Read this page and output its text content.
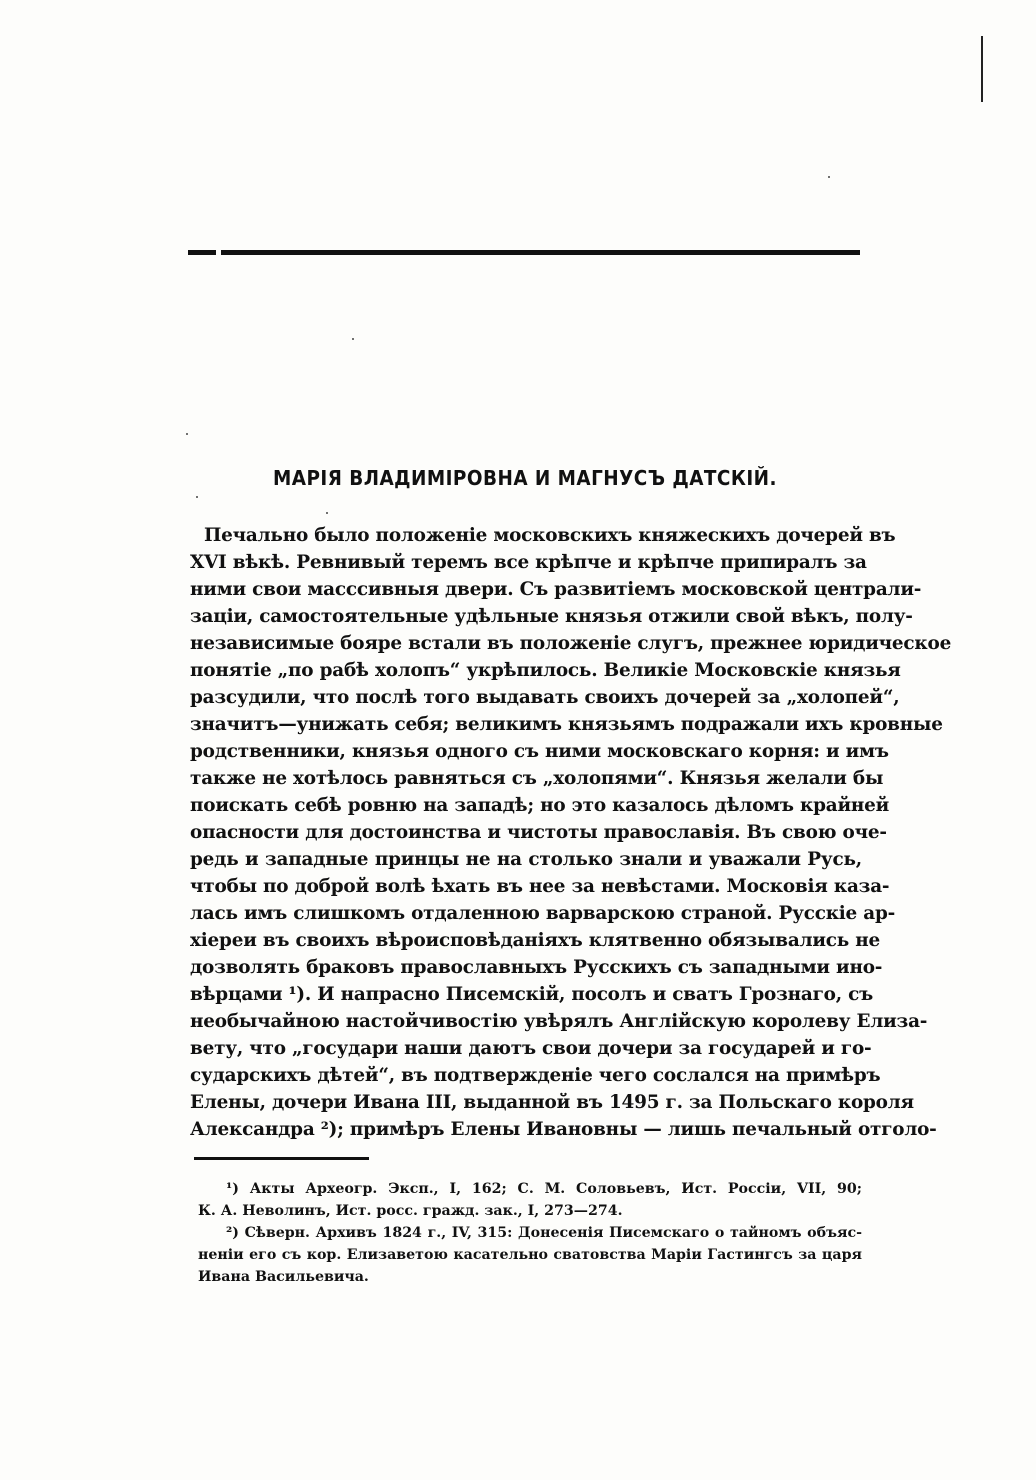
МАРІЯ ВЛАДИМІРОВНА И МАГНУСЪ ДАТСКІЙ.
Печально было положеніе московскихъ княжескихъ дочерей въ
XVI вѣкѣ. Ревнивый теремъ все крѣпче и крѣпче припиралъ за
ними свои масссивныя двери. Съ развитіемъ московской централи-
заціи, самостоятельные удѣльные князья отжили свой вѣкъ, полу-
независимые бояре встали въ положеніе слугъ, прежнее юридическое
понятіе „по рабѣ холопъ“ укрѣпилось. Великіе Московскіе князья
разсудили, что послѣ того выдавать своихъ дочерей за „холопей“,
значитъ—унижать себя; великимъ князьямъ подражали ихъ кровные
родственники, князья одного съ ними московскаго корня: и имъ
также не хотѣлось равняться съ „холопями“. Князья желали бы
поискать себѣ ровню на западѣ; но это казалось дѣломъ крайней
опасности для достоинства и чистоты православія. Въ свою оче-
редь и западные принцы не на столько знали и уважали Русь,
чтобы по доброй волѣ ѣхать въ нее за невѣстами. Московія каза-
лась имъ слишкомъ отдаленною варварскою страной. Русскіе ар-
хіереи въ своихъ вѣроисповѣданіяхъ клятвенно обязывались не
дозволять браковъ православныхъ Русскихъ съ западными ино-
вѣрцами ¹). И напрасно Писемскій, посолъ и сватъ Грознаго, съ
необычайною настойчивостію увѣрялъ Англійскую королеву Елиза-
вету, что „государи наши даютъ свои дочери за государей и го-
сударскихъ дѣтей“, въ подтвержденіе чего сослался на примѣръ
Елены, дочери Ивана III, выданной въ 1495 г. за Польскаго короля
Александра ²); примѣръ Елены Ивановны — лишь печальный отголо-
¹) Акты Археогр. Эксп., I, 162; С. М. Соловьевъ, Ист. Россіи, VII, 90;
К. А. Неволинъ, Ист. росс. гражд. зак., I, 273—274.
²) Сѣверн. Архивъ 1824 г., IV, 315: Донесенія Писемскаго о тайномъ объяс-
неніи его съ кор. Елизаветою касательно сватовства Маріи Гастингсъ за царя
Ивана Васильевича.
